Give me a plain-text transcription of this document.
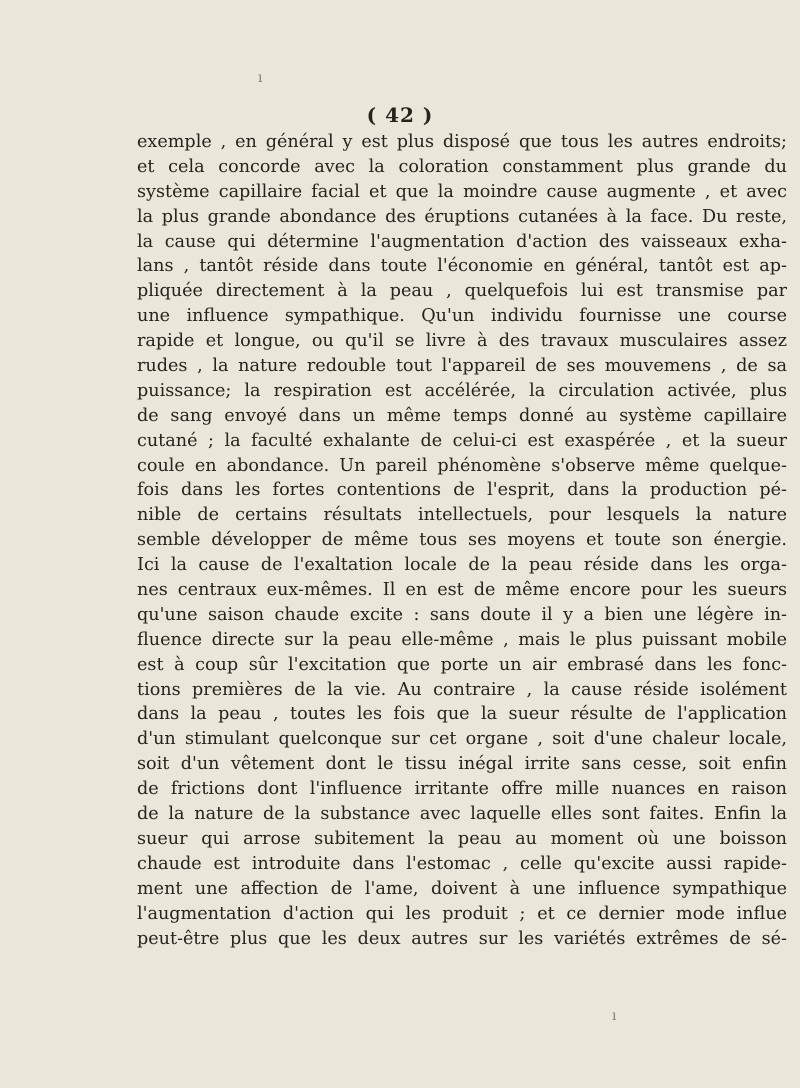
( 42 )
ı
exemple , en général y est plus disposé que tous les autres endroits;
et cela concorde avec la coloration constamment plus grande du
système capillaire facial et que la moindre cause augmente , et avec
la plus grande abondance des éruptions cutanées à la face. Du reste,
la cause qui détermine l'augmentation d'action des vaisseaux exha-
lans , tantôt réside dans toute l'économie en général, tantôt est ap-
pliquée directement à la peau , quelquefois lui est transmise par
une influence sympathique. Qu'un individu fournisse une course
rapide et longue, ou qu'il se livre à des travaux musculaires assez
rudes , la nature redouble tout l'appareil de ses mouvemens , de sa
puissance; la respiration est accélérée, la circulation activée, plus
de sang envoyé dans un même temps donné au système capillaire
cutané ; la faculté exhalante de celui-ci est exaspérée , et la sueur
coule en abondance. Un pareil phénomène s'observe même quelque-
fois dans les fortes contentions de l'esprit, dans la production pé-
nible de certains résultats intellectuels, pour lesquels la nature
semble développer de même tous ses moyens et toute son énergie.
Ici la cause de l'exaltation locale de la peau réside dans les orga-
nes centraux eux-mêmes. Il en est de même encore pour les sueurs
qu'une saison chaude excite : sans doute il y a bien une légère in-
fluence directe sur la peau elle-même , mais le plus puissant mobile
est à coup sûr l'excitation que porte un air embrasé dans les fonc-
tions premières de la vie. Au contraire , la cause réside isolément
dans la peau , toutes les fois que la sueur résulte de l'application
d'un stimulant quelconque sur cet organe , soit d'une chaleur locale,
soit d'un vêtement dont le tissu inégal irrite sans cesse, soit enfin
de frictions dont l'influence irritante offre mille nuances en raison
de la nature de la substance avec laquelle elles sont faites. Enfin la
sueur qui arrose subitement la peau au moment où une boisson
chaude est introduite dans l'estomac , celle qu'excite aussi rapide-
ment une affection de l'ame, doivent à une influence sympathique
l'augmentation d'action qui les produit ; et ce dernier mode influe
peut-être plus que les deux autres sur les variétés extrêmes de sé-
ı
